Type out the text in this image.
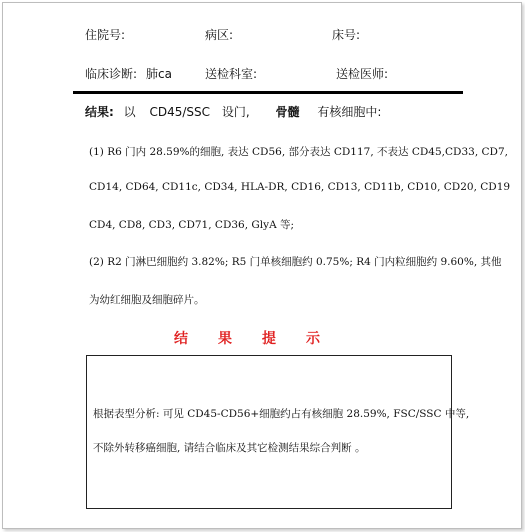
住院号:	病区:	床号:
临床诊断: 肺ca	送检科室:	送检医师:
结果: 以 CD45/SSC 设门, 骨髓 有核细胞中:
(1) R6 门内 28.59%的细胞, 表达 CD56, 部分表达 CD117, 不表达 CD45,CD33, CD7,
CD14, CD64, CD11c, CD34, HLA-DR, CD16, CD13, CD11b, CD10, CD20, CD19
CD4, CD8, CD3, CD71, CD36, GlyA 等;
(2) R2 门淋巴细胞约 3.82%; R5 门单核细胞约 0.75%; R4 门内粒细胞约 9.60%, 其他
为幼红细胞及细胞碎片。
结果提示
根据表型分析: 可见 CD45-CD56+细胞约占有核细胞 28.59%, FSC/SSC 中等,
不除外转移癌细胞, 请结合临床及其它检测结果综合判断 。
